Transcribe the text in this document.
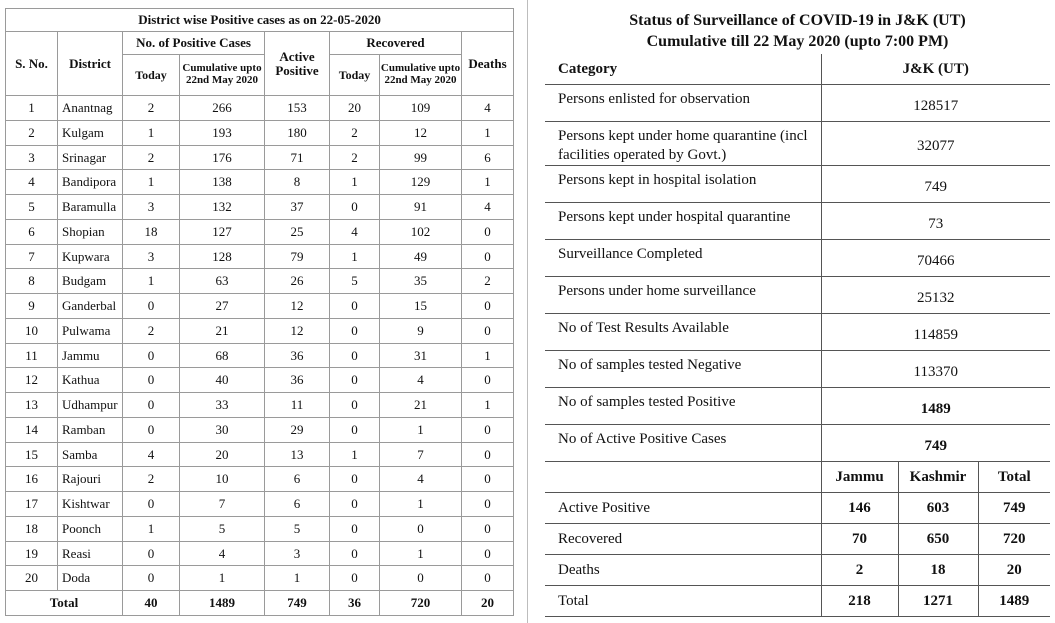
District wise Positive cases as on 22-05-2020							
S. No.	District	No. of Positive Cases		Active Positive	Recovered		Deaths
		Today	Cumulative upto 22nd May 2020		Today	Cumulative upto 22nd May 2020	
1	Anantnag	2	266	153	20	109	4
2	Kulgam	1	193	180	2	12	1
3	Srinagar	2	176	71	2	99	6
4	Bandipora	1	138	8	1	129	1
5	Baramulla	3	132	37	0	91	4
6	Shopian	18	127	25	4	102	0
7	Kupwara	3	128	79	1	49	0
8	Budgam	1	63	26	5	35	2
9	Ganderbal	0	27	12	0	15	0
10	Pulwama	2	21	12	0	9	0
11	Jammu	0	68	36	0	31	1
12	Kathua	0	40	36	0	4	0
13	Udhampur	0	33	11	0	21	1
14	Ramban	0	30	29	0	1	0
15	Samba	4	20	13	1	7	0
16	Rajouri	2	10	6	0	4	0
17	Kishtwar	0	7	6	0	1	0
18	Poonch	1	5	5	0	0	0
19	Reasi	0	4	3	0	1	0
20	Doda	0	1	1	0	0	0
Total		40	1489	749	36	720	20
Status of Surveillance of COVID-19 in J&K (UT)
Cumulative till 22 May 2020 (upto 7:00 PM)
Category	J&K (UT)		
Persons enlisted for observation	128517		
Persons kept under home quarantine (incl facilities operated by Govt.)	32077		
Persons kept in hospital isolation	749		
Persons kept under hospital quarantine	73		
Surveillance Completed	70466		
Persons under home surveillance	25132		
No of Test Results Available	114859		
No of samples tested Negative	113370		
No of samples tested Positive	1489		
No of Active Positive Cases	749		
	Jammu	Kashmir	Total
Active Positive	146	603	749
Recovered	70	650	720
Deaths	2	18	20
Total	218	1271	1489
